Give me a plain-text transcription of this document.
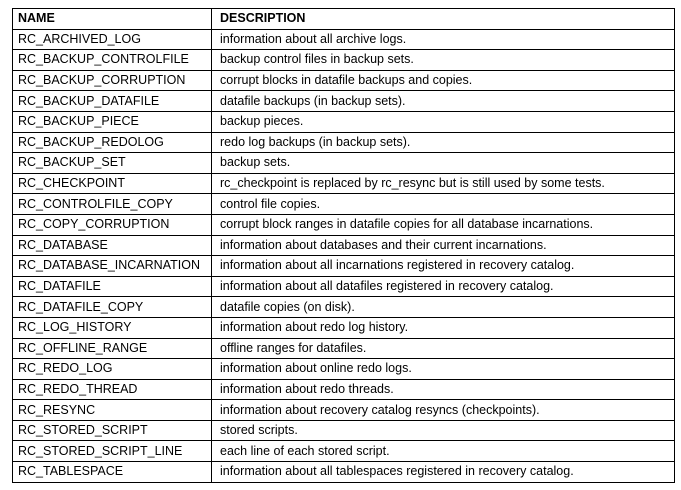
NAME	DESCRIPTION
RC_ARCHIVED_LOG	information about all archive logs.
RC_BACKUP_CONTROLFILE	backup control files in backup sets.
RC_BACKUP_CORRUPTION	corrupt blocks in datafile backups and copies.
RC_BACKUP_DATAFILE	datafile backups (in backup sets).
RC_BACKUP_PIECE	backup pieces.
RC_BACKUP_REDOLOG	redo log backups (in backup sets).
RC_BACKUP_SET	backup sets.
RC_CHECKPOINT	rc_checkpoint is replaced by rc_resync but is still used by some tests.
RC_CONTROLFILE_COPY	control file copies.
RC_COPY_CORRUPTION	corrupt block ranges in datafile copies for all database incarnations.
RC_DATABASE	information about databases and their current incarnations.
RC_DATABASE_INCARNATION	information about all incarnations registered in recovery catalog.
RC_DATAFILE	information about all datafiles registered in recovery catalog.
RC_DATAFILE_COPY	datafile copies (on disk).
RC_LOG_HISTORY	information about redo log history.
RC_OFFLINE_RANGE	offline ranges for datafiles.
RC_REDO_LOG	information about online redo logs.
RC_REDO_THREAD	information about redo threads.
RC_RESYNC	information about recovery catalog resyncs (checkpoints).
RC_STORED_SCRIPT	stored scripts.
RC_STORED_SCRIPT_LINE	each line of each stored script.
RC_TABLESPACE	information about all tablespaces registered in recovery catalog.
